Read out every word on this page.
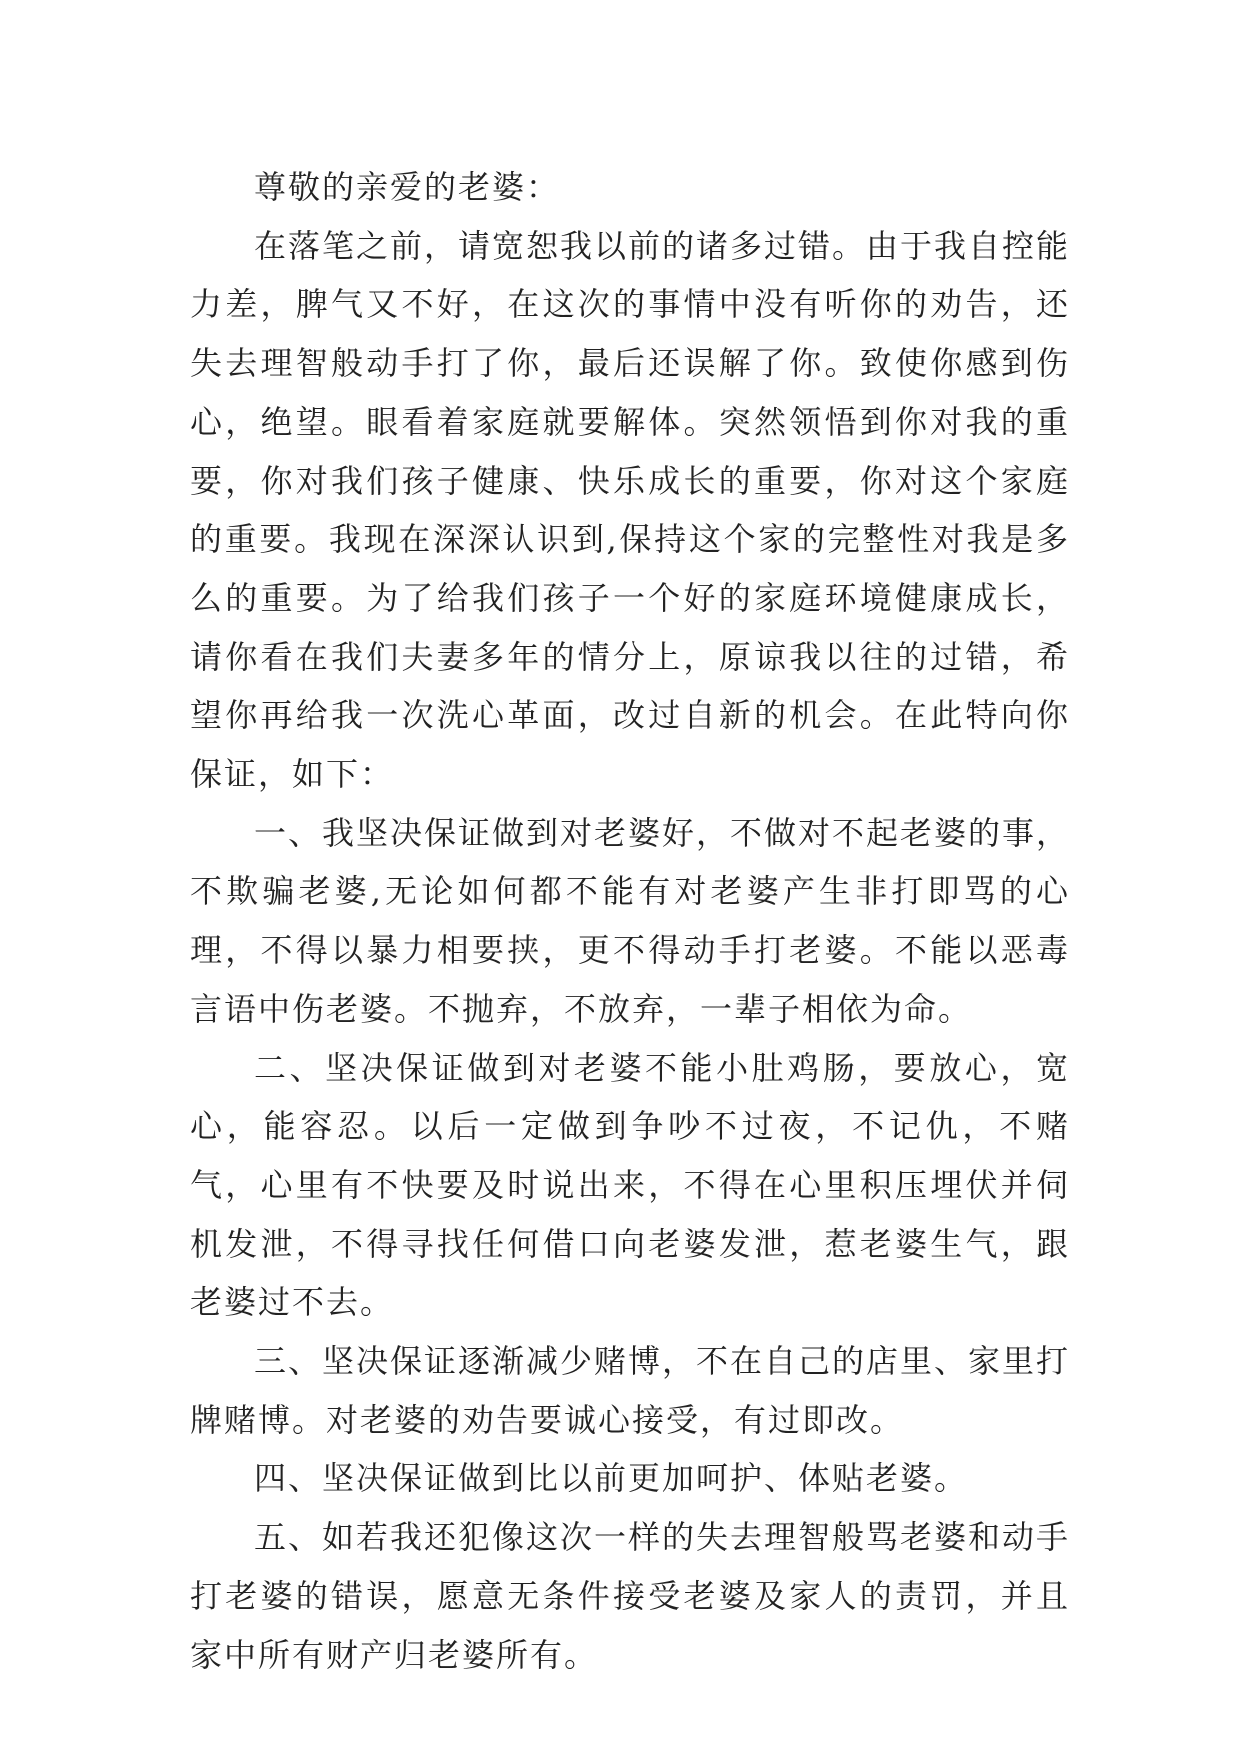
尊敬的亲爱的老婆：

在落笔之前，请宽恕我以前的诸多过错。由于我自控能力差，脾气又不好，在这次的事情中没有听你的劝告，还失去理智般动手打了你，最后还误解了你。致使你感到伤心，绝望。眼看着家庭就要解体。突然领悟到你对我的重要，你对我们孩子健康、快乐成长的重要，你对这个家庭的重要。我现在深深认识到,保持这个家的完整性对我是多么的重要。为了给我们孩子一个好的家庭环境健康成长，请你看在我们夫妻多年的情分上，原谅我以往的过错，希望你再给我一次洗心革面，改过自新的机会。在此特向你保证，如下：

一、我坚决保证做到对老婆好，不做对不起老婆的事，不欺骗老婆,无论如何都不能有对老婆产生非打即骂的心理，不得以暴力相要挟，更不得动手打老婆。不能以恶毒言语中伤老婆。不抛弃，不放弃，一辈子相依为命。

二、坚决保证做到对老婆不能小肚鸡肠，要放心，宽心，能容忍。以后一定做到争吵不过夜，不记仇，不赌气，心里有不快要及时说出来，不得在心里积压埋伏并伺机发泄，不得寻找任何借口向老婆发泄，惹老婆生气，跟老婆过不去。

三、坚决保证逐渐减少赌博，不在自己的店里、家里打牌赌博。对老婆的劝告要诚心接受，有过即改。

四、坚决保证做到比以前更加呵护、体贴老婆。

五、如若我还犯像这次一样的失去理智般骂老婆和动手打老婆的错误，愿意无条件接受老婆及家人的责罚，并且家中所有财产归老婆所有。
